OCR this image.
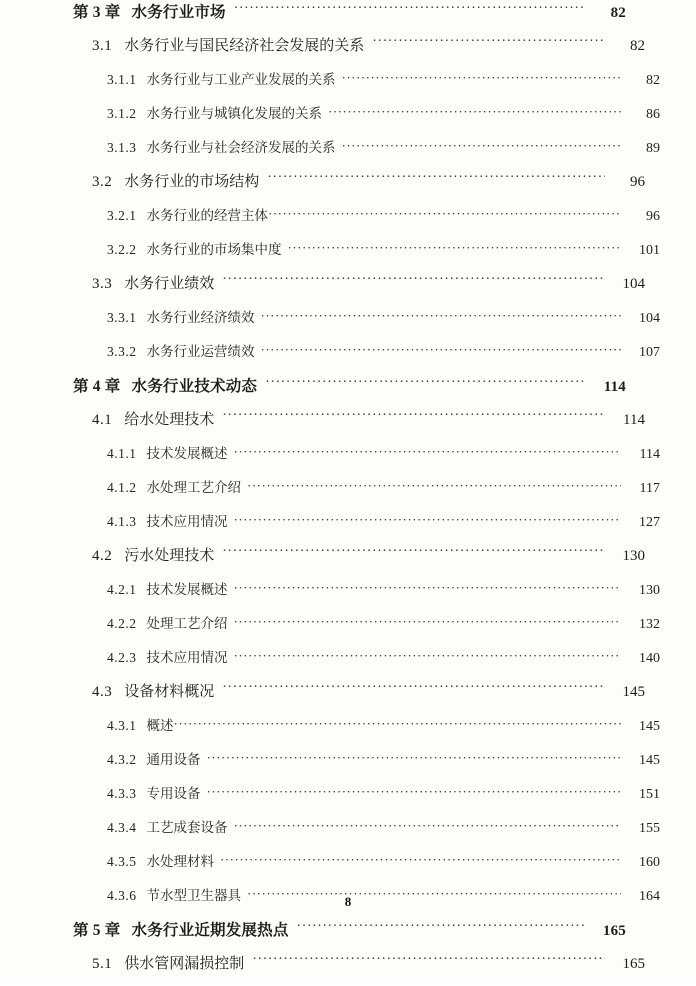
第 3 章 水务行业市场 ·····	82
3.1 水务行业与国民经济社会发展的关系 ·····	82
3.1.1 水务行业与工业产业发展的关系 ·····	82
3.1.2 水务行业与城镇化发展的关系 ·····	86
3.1.3 水务行业与社会经济发展的关系 ·····	89
3.2 水务行业的市场结构 ·····	96
3.2.1 水务行业的经营主体 ·····	96
3.2.2 水务行业的市场集中度 ·····	101
3.3 水务行业绩效 ·····	104
3.3.1 水务行业经济绩效 ·····	104
3.3.2 水务行业运营绩效 ·····	107
第 4 章 水务行业技术动态 ·····	114
4.1 给水处理技术 ·····	114
4.1.1 技术发展概述 ·····	114
4.1.2 水处理工艺介绍 ·····	117
4.1.3 技术应用情况 ·····	127
4.2 污水处理技术 ·····	130
4.2.1 技术发展概述 ·····	130
4.2.2 处理工艺介绍 ·····	132
4.2.3 技术应用情况 ·····	140
4.3 设备材料概况 ·····	145
4.3.1 概述 ·····	145
4.3.2 通用设备 ·····	145
4.3.3 专用设备 ·····	151
4.3.4 工艺成套设备 ·····	155
4.3.5 水处理材料 ·····	160
4.3.6 节水型卫生器具 ·····	164
第 5 章 水务行业近期发展热点 ·····	165
5.1 供水管网漏损控制 ·····	165
8
